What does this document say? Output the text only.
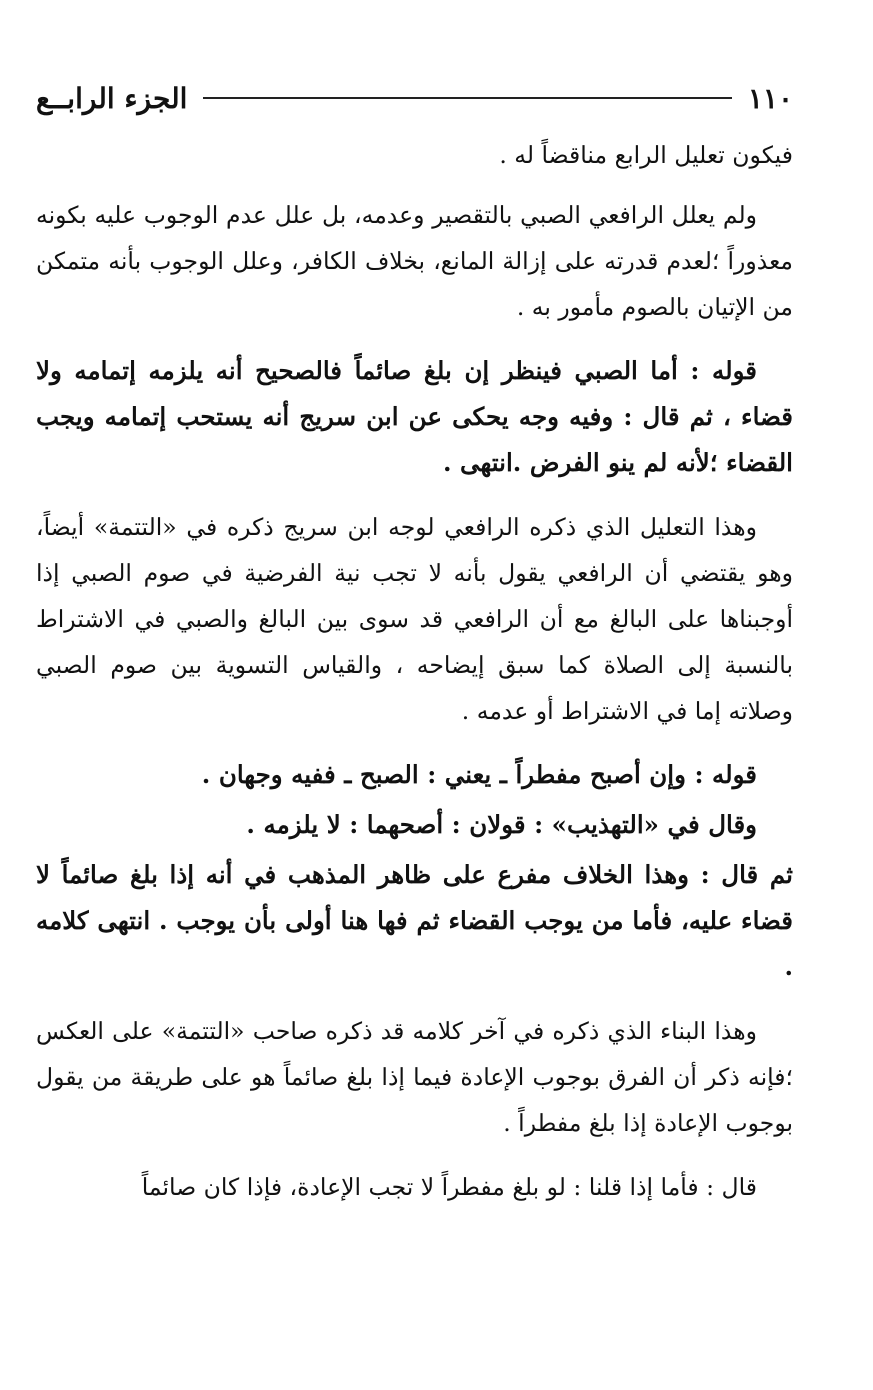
١١٠
الجزء الرابــع

فيكون تعليل الرابع مناقضاً له .

ولم يعلل الرافعي الصبي بالتقصير وعدمه، بل علل عدم الوجوب عليه بكونه معذوراً ؛لعدم قدرته على إزالة المانع، بخلاف الكافر، وعلل الوجوب بأنه متمكن من الإتيان بالصوم مأمور به .

قوله : أما الصبي فينظر إن بلغ صائماً فالصحيح أنه يلزمه إتمامه ولا قضاء ، ثم قال : وفيه وجه يحكى عن ابن سريج أنه يستحب إتمامه ويجب القضاء ؛لأنه لم ينو الفرض .انتهى .

وهذا التعليل الذي ذكره الرافعي لوجه ابن سريج ذكره في «التتمة» أيضاً، وهو يقتضي أن الرافعي يقول بأنه لا تجب نية الفرضية في صوم الصبي إذا أوجبناها على البالغ مع أن الرافعي قد سوى بين البالغ والصبي في الاشتراط بالنسبة إلى الصلاة كما سبق إيضاحه ، والقياس التسوية بين صوم الصبي وصلاته إما في الاشتراط أو عدمه .

قوله : وإن أصبح مفطراً ـ يعني : الصبح ـ ففيه وجهان .

وقال في «التهذيب» : قولان : أصحهما : لا يلزمه .

ثم قال : وهذا الخلاف مفرع على ظاهر المذهب في أنه إذا بلغ صائماً لا قضاء عليه، فأما من يوجب القضاء ثم فها هنا أولى بأن يوجب . انتهى كلامه .

وهذا البناء الذي ذكره في آخر كلامه قد ذكره صاحب «التتمة» على العكس ؛فإنه ذكر أن الفرق بوجوب الإعادة فيما إذا بلغ صائماً هو على طريقة من يقول بوجوب الإعادة إذا بلغ مفطراً .

قال : فأما إذا قلنا : لو بلغ مفطراً لا تجب الإعادة، فإذا كان صائماً
